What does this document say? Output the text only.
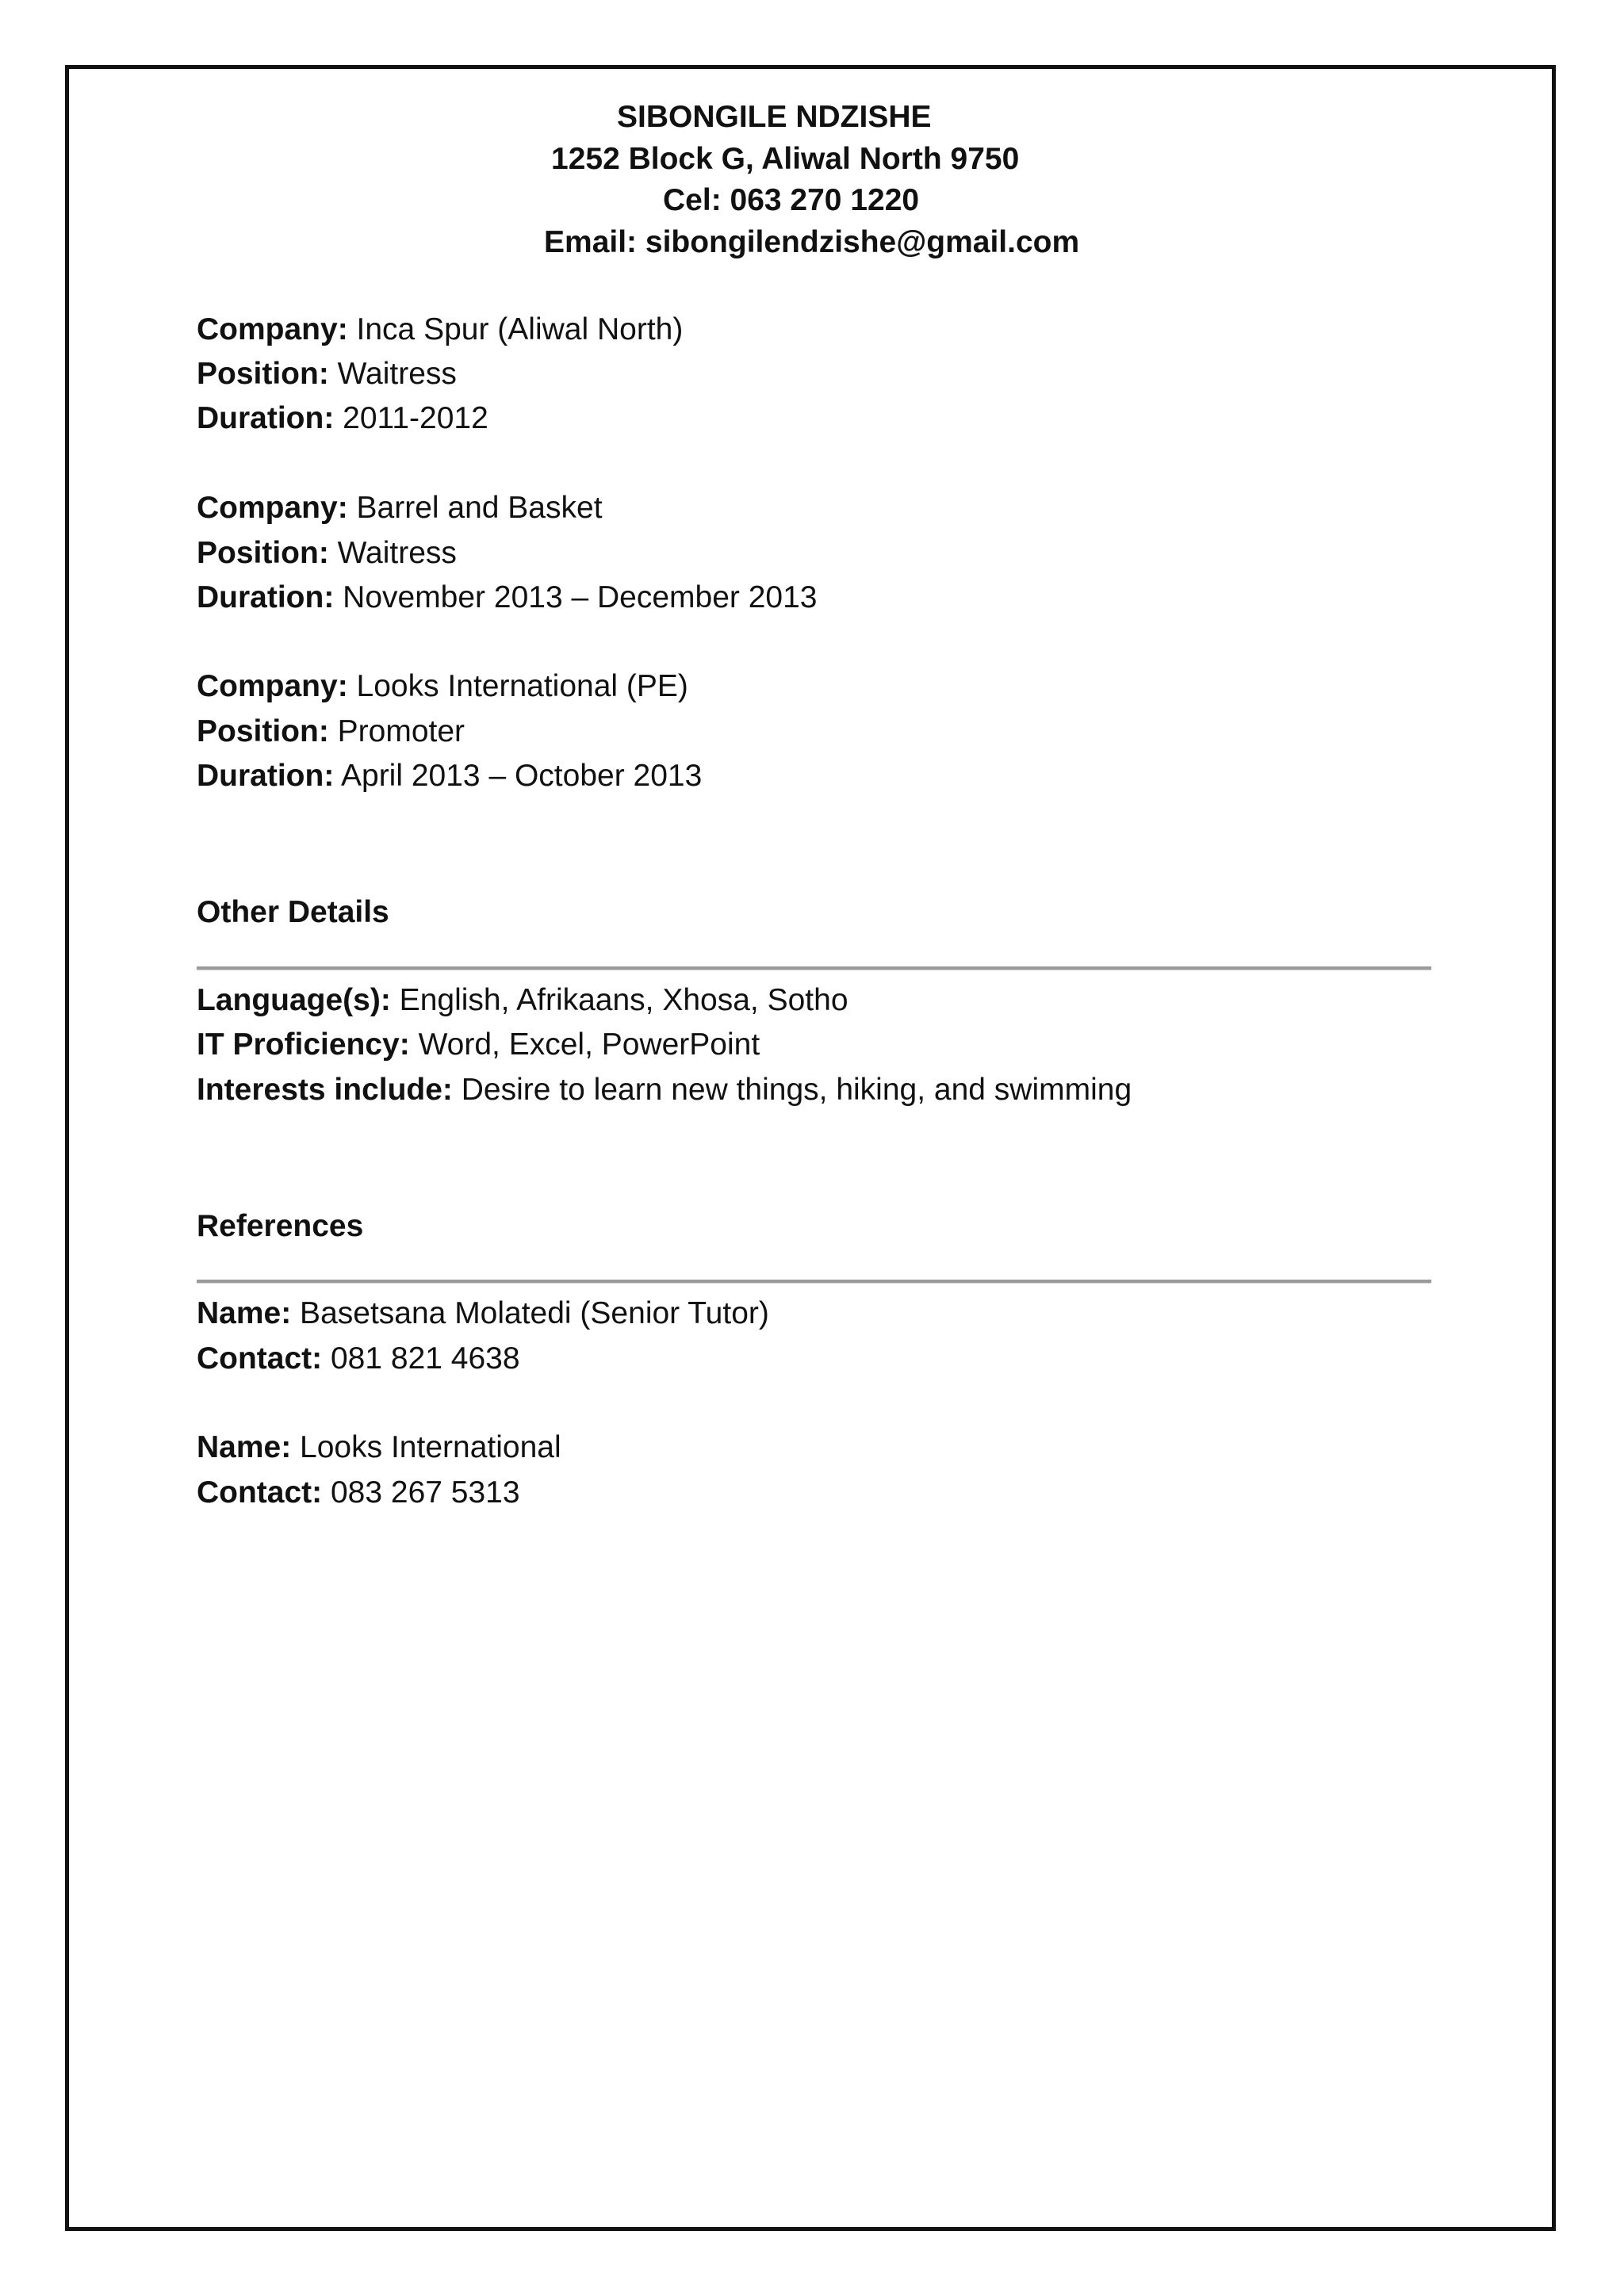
SIBONGILE NDZISHE
1252 Block G, Aliwal North 9750
Cel: 063 270 1220
Email: sibongilendzishe@gmail.com
Company: Inca Spur (Aliwal North)
Position: Waitress
Duration: 2011-2012
Company: Barrel and Basket
Position: Waitress
Duration: November 2013 – December 2013
Company: Looks International (PE)
Position: Promoter
Duration: April 2013 – October 2013
Other Details
Language(s): English, Afrikaans, Xhosa, Sotho
IT Proficiency: Word, Excel, PowerPoint
Interests include: Desire to learn new things, hiking, and swimming
References
Name: Basetsana Molatedi (Senior Tutor)
Contact: 081 821 4638
Name: Looks International
Contact: 083 267 5313
